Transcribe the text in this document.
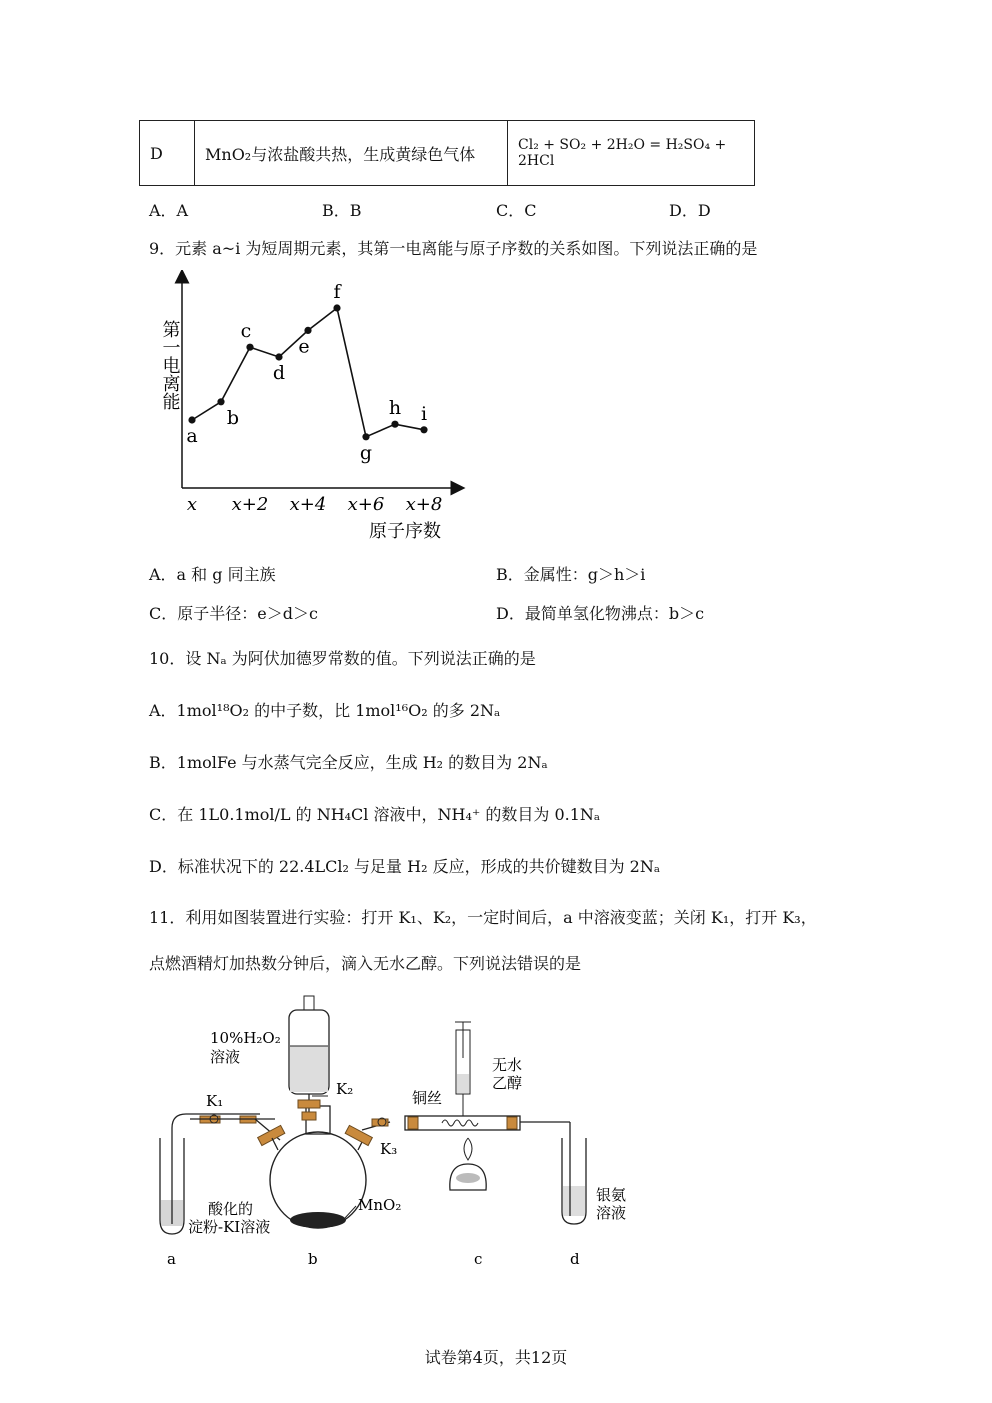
D	MnO₂与浓盐酸共热，生成黄绿色气体	Cl₂ + SO₂ + 2H₂O = H₂SO₄ + 2HCl
A．A	B．B	C．C	D．D
9．元素 a~i 为短周期元素，其第一电离能与原子序数的关系如图。下列说法正确的是
第一电离能
原子序数
x x+2 x+4 x+6 x+8
a
b
c
d
e
f
g
h i
A．a 和 g 同主族	B．金属性：g＞h＞i
C．原子半径：e＞d＞c	D．最简单氢化物沸点：b＞c
10．设 Nₐ 为阿伏加德罗常数的值。下列说法正确的是
A．1mol¹⁸O₂ 的中子数，比 1mol¹⁶O₂ 的多 2Nₐ
B．1molFe 与水蒸气完全反应，生成 H₂ 的数目为 2Nₐ
C．在 1L0.1mol/L 的 NH₄Cl 溶液中，NH₄⁺ 的数目为 0.1Nₐ
D．标准状况下的 22.4LCl₂ 与足量 H₂ 反应，形成的共价键数目为 2Nₐ
11．利用如图装置进行实验：打开 K₁、K₂，一定时间后，a 中溶液变蓝；关闭 K₁，打开 K₃，
点燃酒精灯加热数分钟后，滴入无水乙醇。下列说法错误的是
K₁
10%H₂O₂
溶液
K₂
MnO₂
K₃
铜丝
无水
乙醇
银氨
溶液
酸化的
淀粉-KI溶液
a	b	c	d
试卷第4页，共12页
